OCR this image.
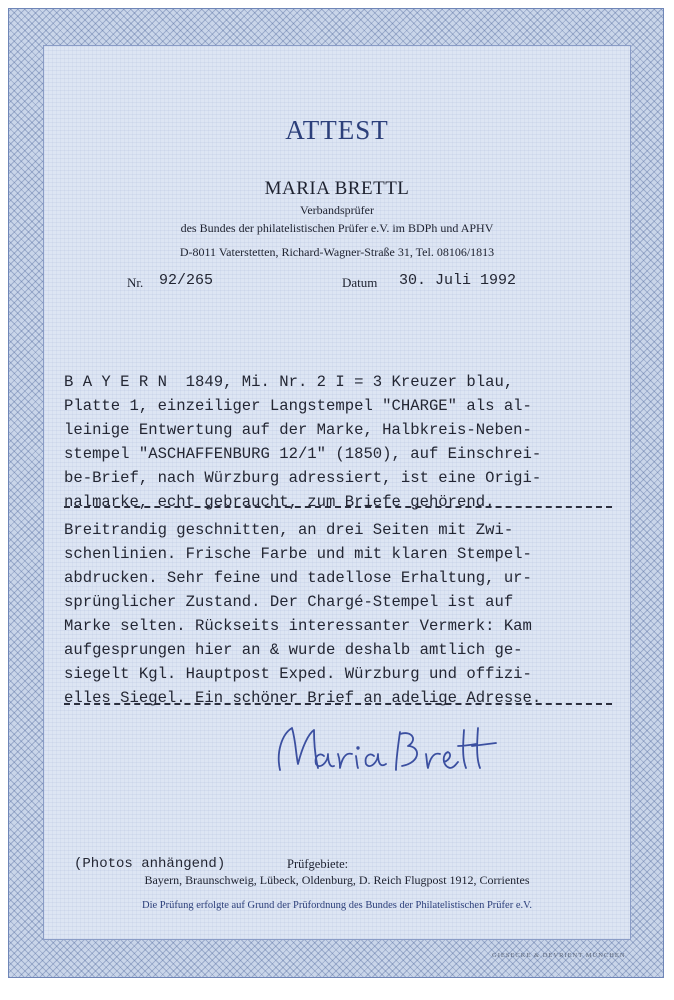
ATTEST
MARIA BRETTL
Verbandsprüfer
des Bundes der philatelistischen Prüfer e.V. im BDPh und APHV
D-8011 Vaterstetten, Richard-Wagner-Straße 31, Tel. 08106/1813
Nr. 92/265	Datum 30. Juli 1992
B A Y E R N  1849, Mi. Nr. 2 I = 3 Kreuzer blau,
Platte 1, einzeiliger Langstempel "CHARGE" als al-
leinige Entwertung auf der Marke, Halbkreis-Neben-
stempel "ASCHAFFENBURG 12/1" (1850), auf Einschrei-
be-Brief, nach Würzburg adressiert, ist eine Origi-
nalmarke, echt gebraucht, zum Briefe gehörend.
Breitrandig geschnitten, an drei Seiten mit Zwi-
schenlinien. Frische Farbe und mit klaren Stempel-
abdrucken. Sehr feine und tadellose Erhaltung, ur-
sprünglicher Zustand. Der Chargé-Stempel ist auf
Marke selten. Rückseits interessanter Vermerk: Kam
aufgesprungen hier an & wurde deshalb amtlich ge-
siegelt Kgl. Hauptpost Exped. Würzburg und offizi-
elles Siegel. Ein schöner Brief an adelige Adresse.
(Photos anhängend)	Prüfgebiete:
Bayern, Braunschweig, Lübeck, Oldenburg, D. Reich Flugpost 1912, Corrientes
Die Prüfung erfolgte auf Grund der Prüfordnung des Bundes der Philatelistischen Prüfer e.V.
GIESECKE & DEVRIENT MÜNCHEN
